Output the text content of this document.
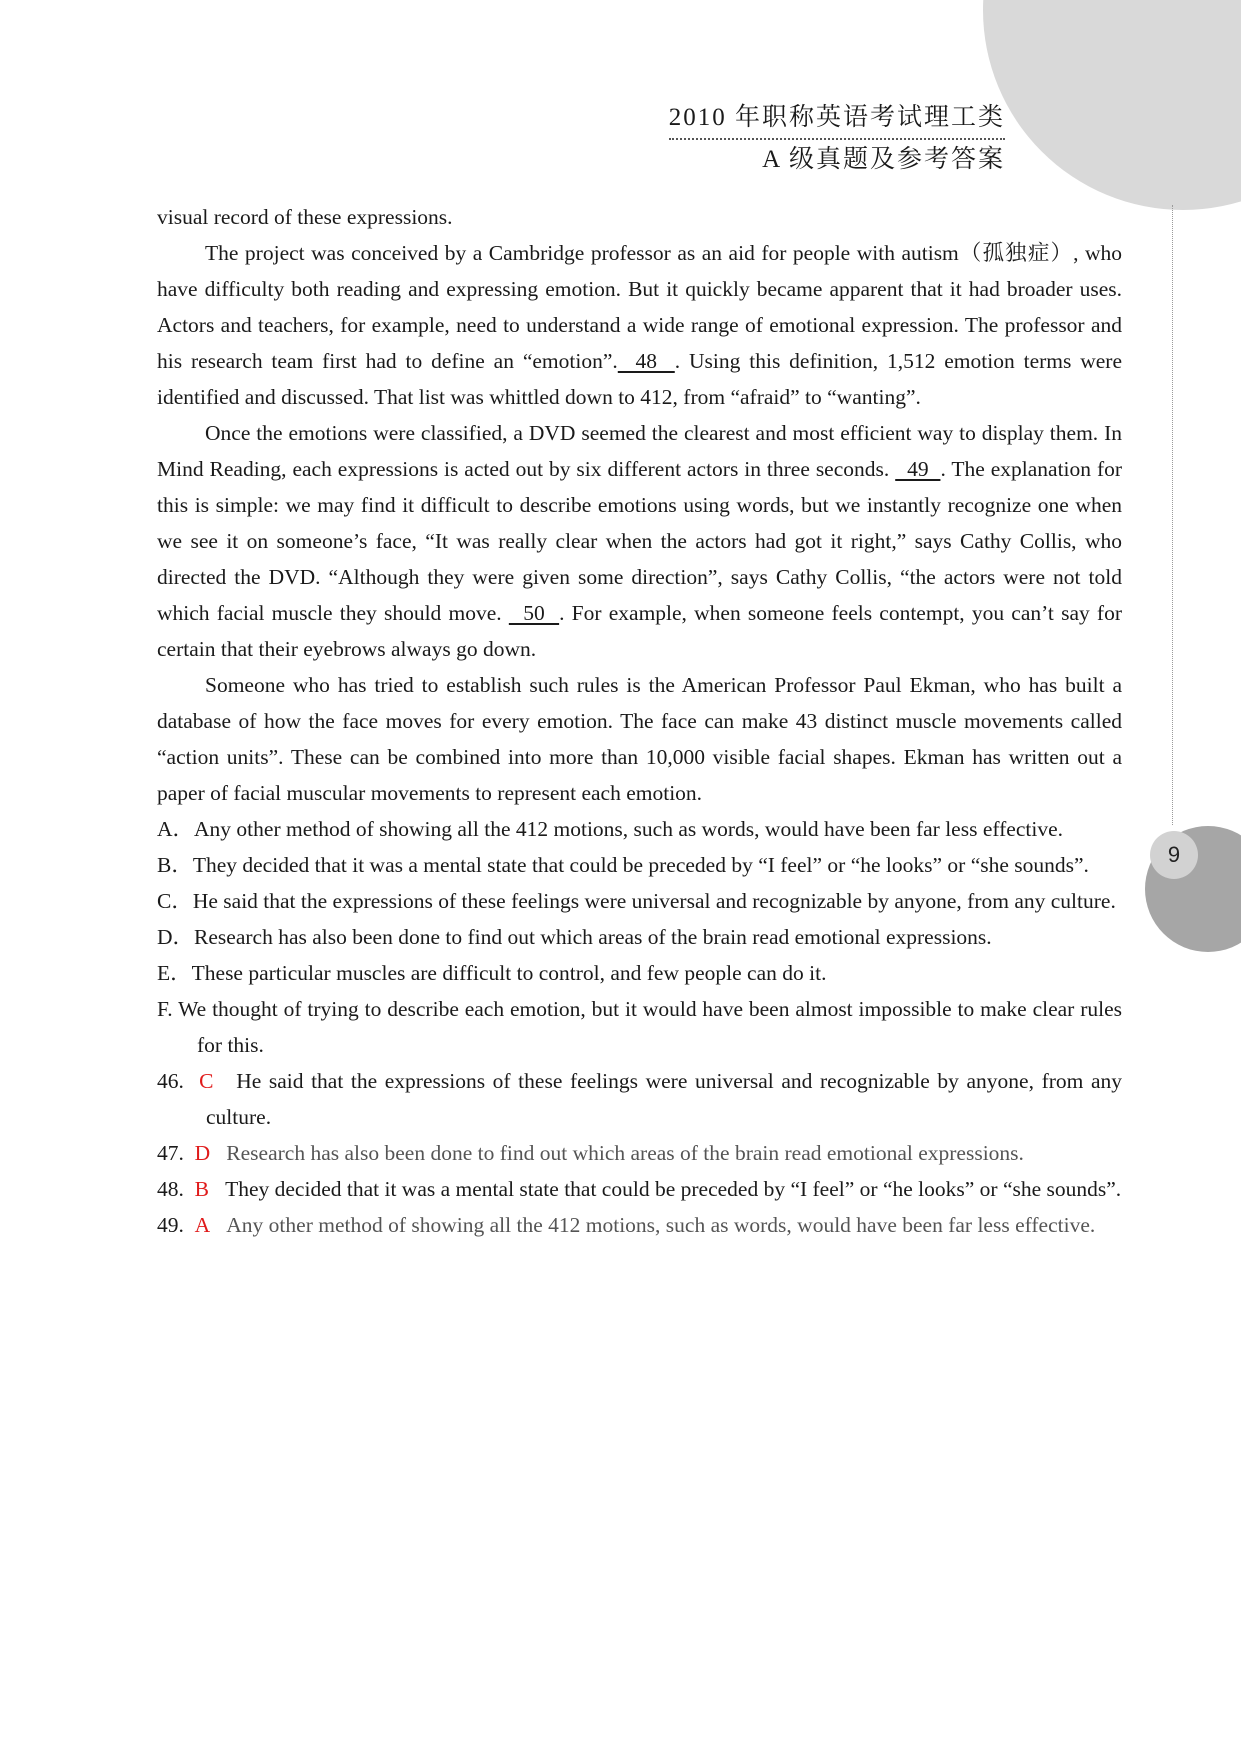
9
2010 年职称英语考试理工类
A 级真题及参考答案

visual record of these expressions.

The project was conceived by a Cambridge professor as an aid for people with autism（孤独症）, who have difficulty both reading and expressing emotion. But it quickly became apparent that it had broader uses. Actors and teachers, for example, need to understand a wide range of emotional expression. The professor and his research team first had to define an “emotion”.  48  . Using this definition, 1,512 emotion terms were identified and discussed. That list was whittled down to 412, from “afraid” to “wanting”.

Once the emotions were classified, a DVD seemed the clearest and most efficient way to display them. In Mind Reading, each expressions is acted out by six different actors in three seconds.   49  . The explanation for this is simple: we may find it difficult to describe emotions using words, but we instantly recognize one when we see it on someone’s face, “It was really clear when the actors had got it right,” says Cathy Collis, who directed the DVD. “Although they were given some direction”, says Cathy Collis, “the actors were not told which facial muscle they should move.   50  . For example, when someone feels contempt, you can’t say for certain that their eyebrows always go down.

Someone who has tried to establish such rules is the American Professor Paul Ekman, who has built a database of how the face moves for every emotion. The face can make 43 distinct muscle movements called “action units”. These can be combined into more than 10,000 visible facial shapes. Ekman has written out a paper of facial muscular movements to represent each emotion.

A．Any other method of showing all the 412 motions, such as words, would have been far less effective.

B．They decided that it was a mental state that could be preceded by “I feel” or “he looks” or “she sounds”.

C．He said that the expressions of these feelings were universal and recognizable by anyone, from any culture.

D．Research has also been done to find out which areas of the brain read emotional expressions.

E．These particular muscles are difficult to control, and few people can do it.

F. We thought of trying to describe each emotion, but it would have been almost impossible to make clear rules for this.

46. C He said that the expressions of these feelings were universal and recognizable by anyone, from any culture.

47. D Research has also been done to find out which areas of the brain read emotional expressions.

48. B They decided that it was a mental state that could be preceded by “I feel” or “he looks” or “she sounds”.

49. A Any other method of showing all the 412 motions, such as words, would have been far less effective.
